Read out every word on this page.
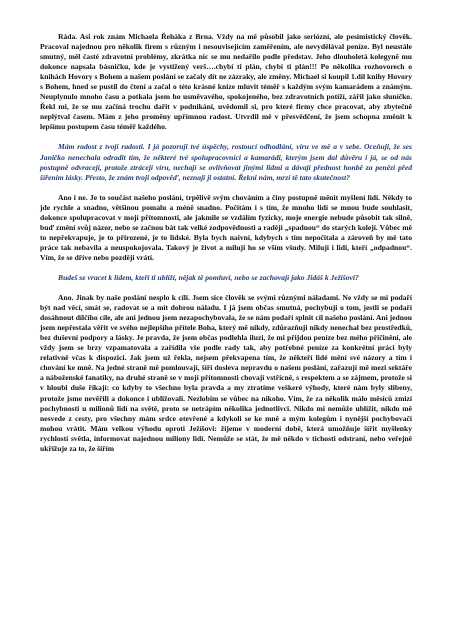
Ráda. Asi rok znám Michaela Řeháka z Brna. Vždy na mě působil jako seriózní, ale pesimistický člověk. Pracoval najednou pro několik firem s různým i nesouvisejícím zaměřením, ale nevydělával peníze. Byl neustále smutný, měl časté zdravotní problémy, zkrátka nic se mu nedařilo podle představ. Jeho dlouholetá kolegyně mu dokonce napsala básničku, kde je vystižený verš….chybí ti plán, chybí ti plán!!! Po několika rozhovorech o knihách Hovory s Bohem a našem poslání se začaly dít ne zázraky, ale změny. Michael si koupil 1.díl knihy Hovory s Bohem, hned se pustil do čtení a začal o této krásné knize mluvit téměř s každým svým kamarádem a známým. Neuplynulo mnoho času a potkala jsem ho usměvavého, spokojeného, bez zdravotních potíží, zářil jako sluníčko. Řekl mi, že se mu začíná trochu dařit v podnikání, uvědomil si, pro které firmy chce pracovat, aby zbytečně neplýtval časem. Mám z jeho proměny upřímnou radost. Utvrdil mě v přesvědčení, že jsem schopna změnit k lepšímu postupem času téměř každého.

Mám radost z tvojí radosti. I já pozoruji tvé úspěchy, rostoucí odhodlání, víru ve mě a v sebe. Oceňuji, že ses Janičko nenechala odradit tím, že některé tvé spolupracovníci a kamarádi, kterým jsem dal důvěru i já, se od nás postupně odvracejí, protože ztrácejí víru, nechají se ovlivňovat jinými lidmi a dávají přednost honbě za penězi před šířením lásky. Přesto, že znám tvoji odpověď, neznají ji ostatní. Řekni nám, mrzí tě tato skutečnost?

Ano i ne. Je to součást našeho poslání, trpělivě svým chováním a činy postupně měnit myšlení lidí. Někdy to jde rychle a snadno, většinou pomalu a méně snadno. Počítám i s tím, že mnoho lidí se mnou bude souhlasit, dokonce spolupracovat v mojí přítomnosti, ale jakmile se vzdálím fyzicky, moje energie nebude působit tak silně, buď změní svůj názor, nebo se začnou bát tak velké zodpovědnosti a raději „spadnou“ do starých kolejí. Vůbec mě to nepřekvapuje, je to přirozené, je to lidské. Byla bych naivní, kdybych s tím nepočítala a zároveň by mě tato práce tak nebavila a neuspokojovala. Takový je život a miluji ho se vším všudy. Miluji i lidi, kteří „odpadnou“. Vím, že se dříve nebo později vrátí.

Budeš se vracet k lidem, kteří ti ublíží, nějak tě pomluví, nebo se zachovají jako Jidáš k Ježíšovi?

Ano. Jinak by naše poslání nesplo k cíli. Jsem sice člověk se svými různými náladami. Ne vždy se mi podaří být nad věcí, smát se, radovat se a mít dobrou náladu. I já jsem občas smutná, pochybuji o tom, jestli se podaří dosáhnout dílčího cíle, ale ani jednou jsem nezapochybovala, že se nám podaří splnit cíl našeho poslání. Ani jednou jsem nepřestala věřit ve svého nejlepšího přítele Boha, který mě nikdy, zdůrazňuji nikdy nenechal bez prostředků, bez duševní podpory a lásky. Je pravda, že jsem občas podlehla iluzi, že mi přijdou peníze bez mého přičinění, ale vždy jsem se brzy vzpamatovala a zařídila vše podle rady tak, aby potřebné peníze za konkrétní práci byly relativně včas k dispozici. Jak jsem už řekla, nejsem překvapena tím, že někteří lidé mění své názory a tím i chování ke mně. Na jedné straně mě pomlouvají, šíří dosleva nepravdu o našem poslání, zařazují mě mezi sektáře a náboženské fanatiky, na druhé straně se v mojí přítomnosti chovají vstřícně, s respektem a se zájmem, protože si v hloubi duše říkají: co kdyby to všechno byla pravda a my ztratíme veškeré výhody, které nám byly slibeny, protože jsme nevěřili a dokonce i ubližovali. Nezlobím se vůbec na nikoho. Vím, že za několik málo měsíců zmizí pochybnosti u milionů lidí na světě, proto se netrápím několika jednotlivci. Nikdo mi nemůže ublížit, nikdo mě nesvede z cesty, pro všechny mám srdce otevřené a kdykoli se ke mně a mým kolegům i nynější pochybovačí mohou vrátit. Mám velkou výhodu oproti Ježíšovi: žijeme v moderní době, která umožňuje šířit myšlenky rychlostí světla, informovat najednou miliony lidí. Nemůže se stát, že mě někdo v tichosti odstraní, nebo veřejně ukřižuje za to, že šířím
